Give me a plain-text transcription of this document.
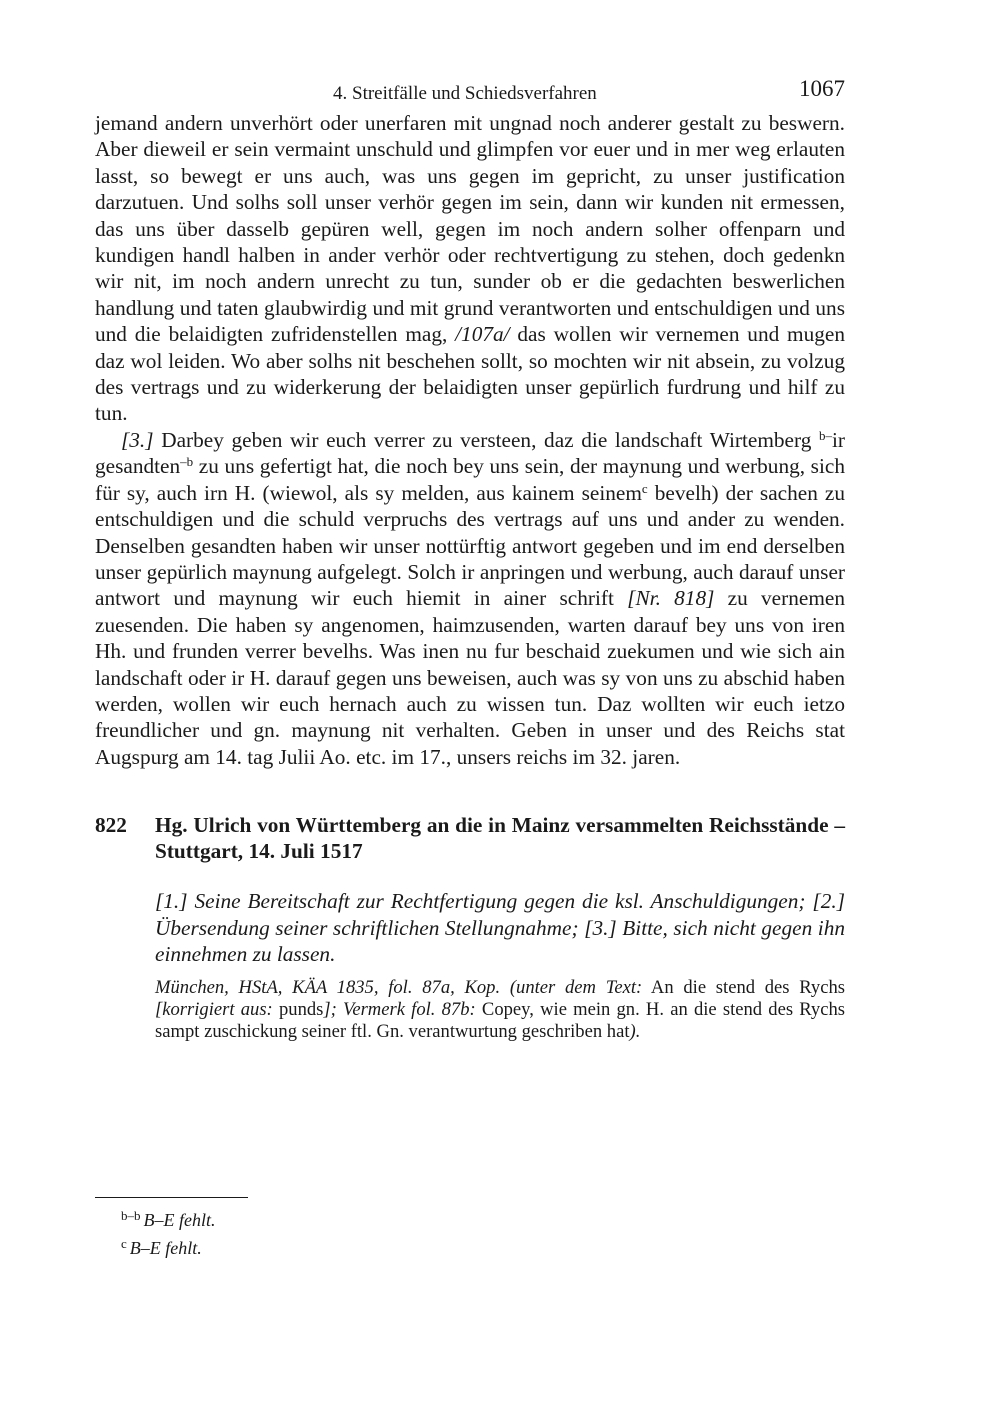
4. Streitfälle und Schiedsverfahren	1067

jemand andern unverhört oder unerfaren mit ungnad noch anderer gestalt zu beswern. Aber dieweil er sein vermaint unschuld und glimpfen vor euer und in mer weg erlauten lasst, so bewegt er uns auch, was uns gegen im gepricht, zu unser justification darzutuen. Und solhs soll unser verhör gegen im sein, dann wir kunden nit ermessen, das uns über dasselb gepüren well, gegen im noch andern solher offenparn und kundigen handl halben in ander verhör oder rechtvertigung zu stehen, doch gedenkn wir nit, im noch andern unrecht zu tun, sunder ob er die gedachten beswerlichen handlung und taten glaubwirdig und mit grund verantworten und entschuldigen und uns und die belaidigten zufridenstellen mag, /107a/ das wollen wir vernemen und mugen daz wol leiden. Wo aber solhs nit beschehen sollt, so mochten wir nit absein, zu volzug des vertrags und zu widerkerung der belaidigten unser gepürlich furdrung und hilf zu tun.

[3.] Darbey geben wir euch verrer zu versteen, daz die landschaft Wirtemberg $^{b-}$ir gesandten$^{-b}$ zu uns gefertigt hat, die noch bey uns sein, der maynung und werbung, sich für sy, auch irn H. (wiewol, als sy melden, aus kainem seinem$^c$ bevelh) der sachen zu entschuldigen und die schuld verpruchs des vertrags auf uns und ander zu wenden. Denselben gesandten haben wir unser nottürftig antwort gegeben und im end derselben unser gepürlich maynung aufgelegt. Solch ir anpringen und werbung, auch darauf unser antwort und maynung wir euch hiemit in ainer schrift [Nr. 818] zu vernemen zuesenden. Die haben sy angenomen, haimzusenden, warten darauf bey uns von iren Hh. und frunden verrer bevelhs. Was inen nu fur beschaid zuekumen und wie sich ain landschaft oder ir H. darauf gegen uns beweisen, auch was sy von uns zu abschid haben werden, wollen wir euch hernach auch zu wissen tun. Daz wollten wir euch ietzo freundlicher und gn. maynung nit verhalten. Geben in unser und des Reichs stat Augspurg am 14. tag Julii Ao. etc. im 17., unsers reichs im 32. jaren.

822	Hg. Ulrich von Württemberg an die in Mainz versammelten Reichsstände – Stuttgart, 14. Juli 1517
[1.] Seine Bereitschaft zur Rechtfertigung gegen die ksl. Anschuldigungen; [2.] Übersendung seiner schriftlichen Stellungnahme; [3.] Bitte, sich nicht gegen ihn einnehmen zu lassen.
München, HStA, KÄA 1835, fol. 87a, Kop. (unter dem Text: An die stend des Rychs [korrigiert aus: punds]; Vermerk fol. 87b: Copey, wie mein gn. H. an die stend des Rychs sampt zuschickung seiner ftl. Gn. verantwurtung geschriben hat).
$^{b-b}$ B–E fehlt.
$^c$ B–E fehlt.
